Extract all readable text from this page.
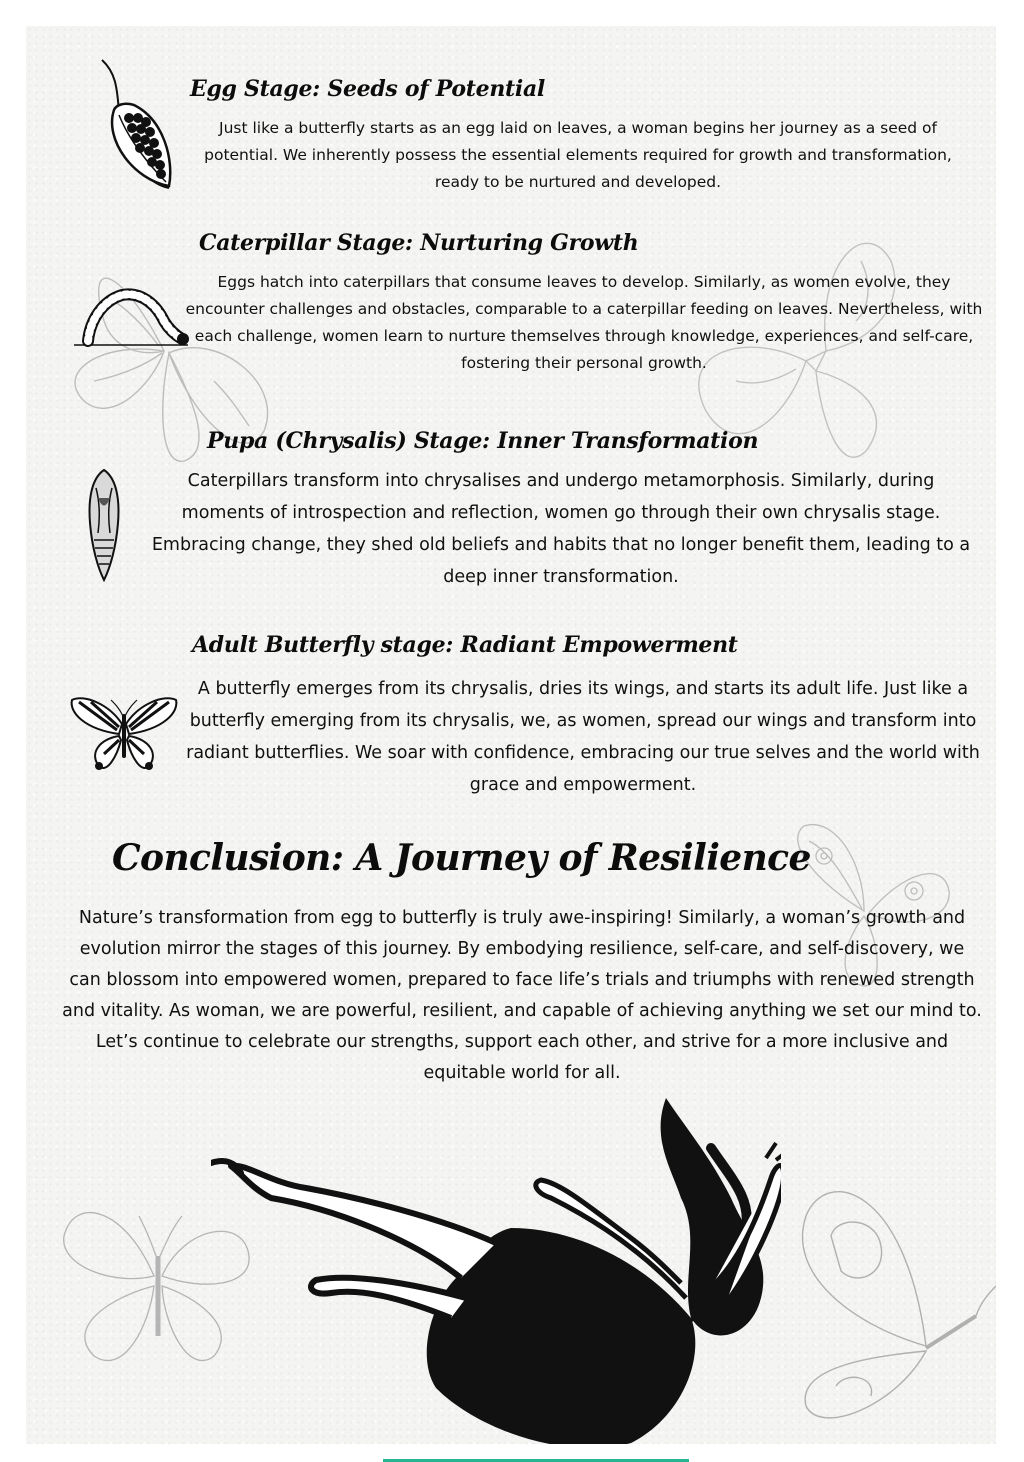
Egg Stage: Seeds of Potential

Just like a butterfly starts as an egg laid on leaves, a woman begins her journey as a seed of potential. We inherently possess the essential elements required for growth and transformation, ready to be nurtured and developed.

Caterpillar Stage: Nurturing Growth

Eggs hatch into caterpillars that consume leaves to develop. Similarly, as women evolve, they encounter challenges and obstacles, comparable to a caterpillar feeding on leaves. Nevertheless, with each challenge, women learn to nurture themselves through knowledge, experiences, and self-care, fostering their personal growth.

Pupa (Chrysalis) Stage: Inner Transformation

Caterpillars transform into chrysalises and undergo metamorphosis. Similarly, during moments of introspection and reflection, women go through their own chrysalis stage. Embracing change, they shed old beliefs and habits that no longer benefit them, leading to a deep inner transformation.

Adult Butterfly stage: Radiant Empowerment

A butterfly emerges from its chrysalis, dries its wings, and starts its adult life. Just like a butterfly emerging from its chrysalis, we, as women, spread our wings and transform into radiant butterflies. We soar with confidence, embracing our true selves and the world with grace and empowerment.

Conclusion: A Journey of Resilience

Nature’s transformation from egg to butterfly is truly awe-inspiring! Similarly, a woman’s growth and evolution mirror the stages of this journey. By embodying resilience, self-care, and self-discovery, we can blossom into empowered women, prepared to face life’s trials and triumphs with renewed strength and vitality. As woman, we are powerful, resilient, and capable of achieving anything we set our mind to. Let’s continue to celebrate our strengths, support each other, and strive for a more inclusive and equitable world for all.
